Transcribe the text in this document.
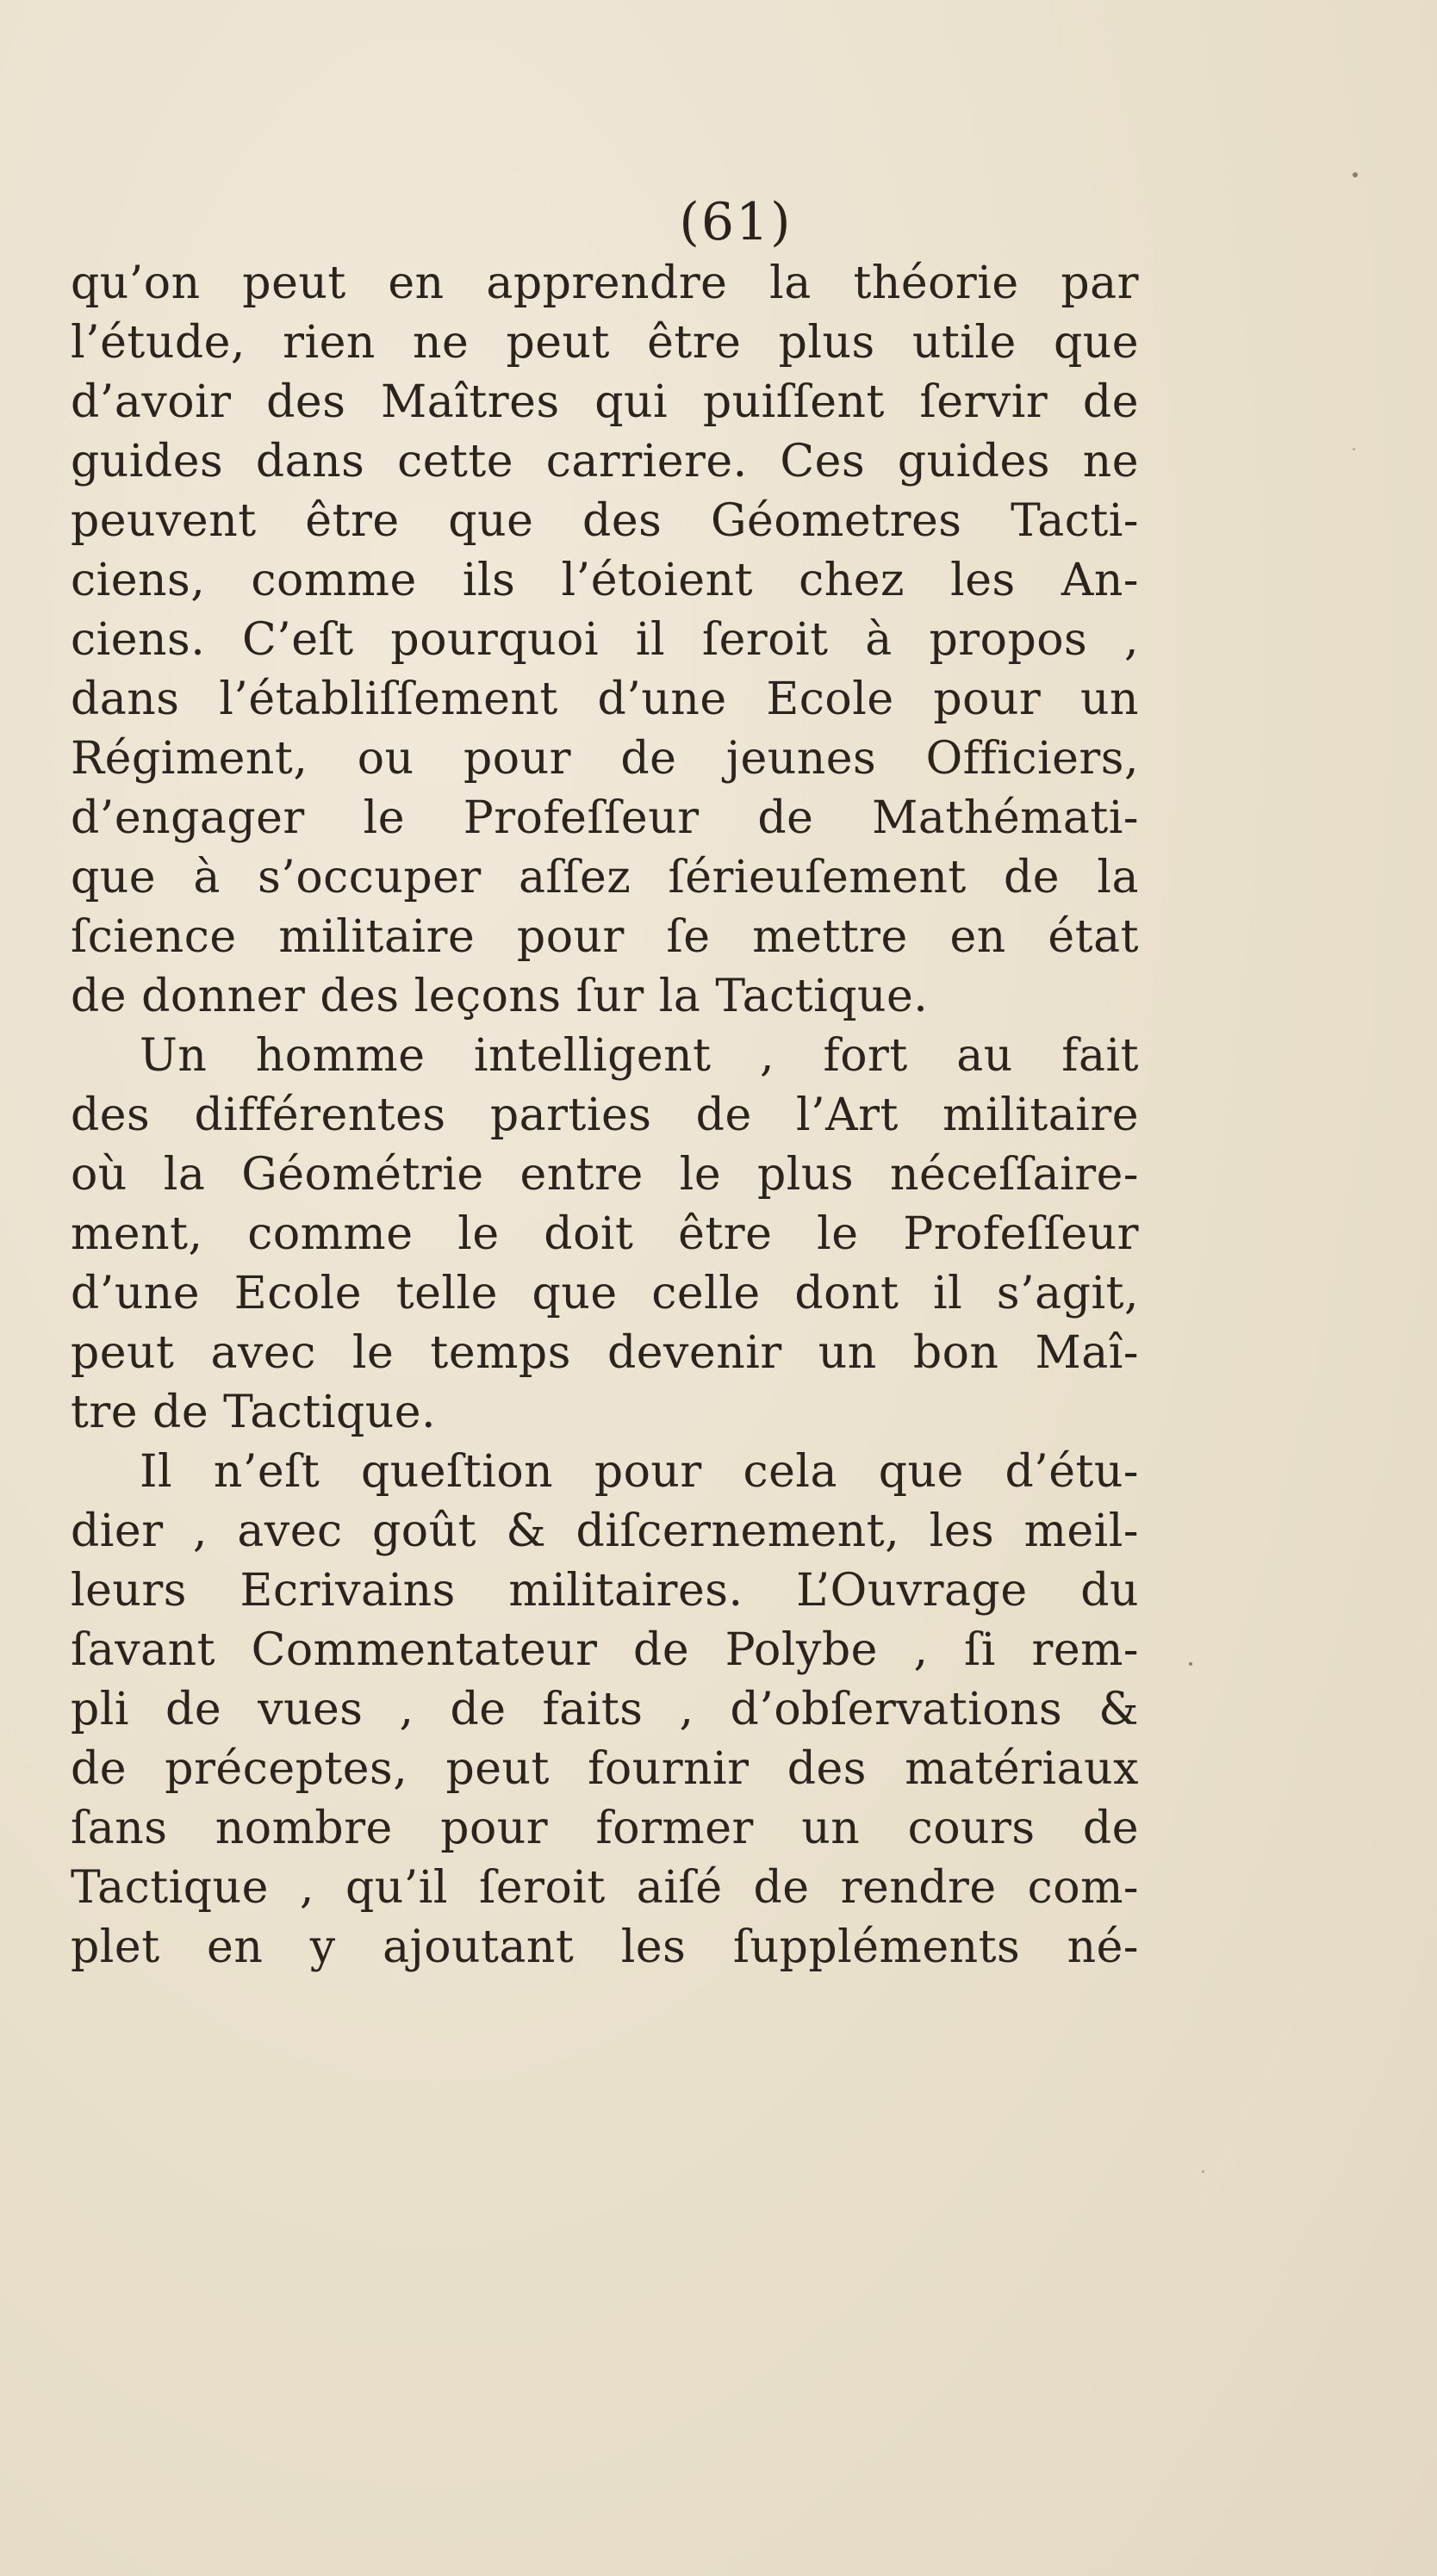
(61)
qu’on peut en apprendre la théorie par
l’étude, rien ne peut être plus utile que
d’avoir des Maîtres qui puiſſent ſervir de
guides dans cette carriere. Ces guides ne
peuvent être que des Géometres Tacti-
ciens, comme ils l’étoient chez les An-
ciens. C’eſt pourquoi il ſeroit à propos ,
dans l’établiſſement d’une Ecole pour un
Régiment, ou pour de jeunes Officiers,
d’engager le Profeſſeur de Mathémati-
que à s’occuper aſſez ſérieuſement de la
ſcience militaire pour ſe mettre en état
de donner des leçons ſur la Tactique.
Un homme intelligent , fort au fait
des différentes parties de l’Art militaire
où la Géométrie entre le plus néceſſaire-
ment, comme le doit être le Profeſſeur
d’une Ecole telle que celle dont il s’agit,
peut avec le temps devenir un bon Maî-
tre de Tactique.
Il n’eſt queſtion pour cela que d’étu-
dier , avec goût & diſcernement, les meil-
leurs Ecrivains militaires. L’Ouvrage du
ſavant Commentateur de Polybe , ſi rem-
pli de vues , de faits , d’obſervations &
de préceptes, peut fournir des matériaux
ſans nombre pour former un cours de
Tactique , qu’il ſeroit aiſé de rendre com-
plet en y ajoutant les ſuppléments né-
